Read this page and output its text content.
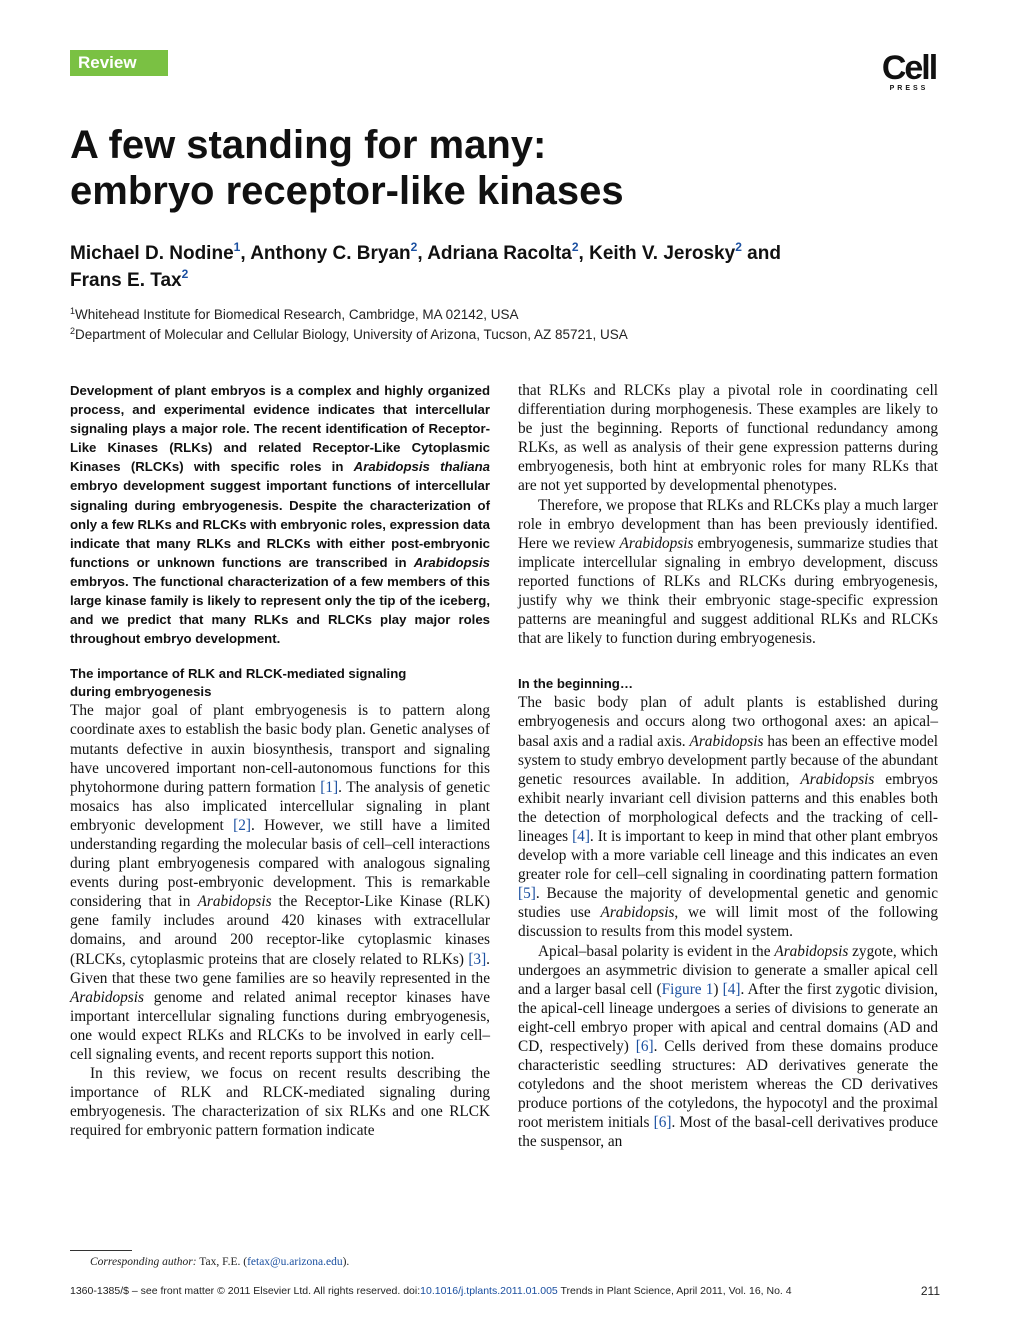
Review	Cell
PRESS
A few standing for many:
embryo receptor-like kinases
Michael D. Nodine$^1$, Anthony C. Bryan$^2$, Adriana Racolta$^2$, Keith V. Jerosky$^2$ and
Frans E. Tax$^2$
$^1$Whitehead Institute for Biomedical Research, Cambridge, MA 02142, USA
$^2$Department of Molecular and Cellular Biology, University of Arizona, Tucson, AZ 85721, USA

Development of plant embryos is a complex and highly organized process, and experimental evidence indicates that intercellular signaling plays a major role. The recent identification of Receptor-Like Kinases (RLKs) and related Receptor-Like Cytoplasmic Kinases (RLCKs) with specific roles in Arabidopsis thaliana embryo development suggest important functions of intercellular signaling during embryogenesis. Despite the characterization of only a few RLKs and RLCKs with embryonic roles, expression data indicate that many RLKs and RLCKs with either post-embryonic functions or unknown functions are transcribed in Arabidopsis embryos. The functional characterization of a few members of this large kinase family is likely to represent only the tip of the iceberg, and we predict that many RLKs and RLCKs play major roles throughout embryo development.

The importance of RLK and RLCK-mediated signaling
during embryogenesis

The major goal of plant embryogenesis is to pattern along coordinate axes to establish the basic body plan. Genetic analyses of mutants defective in auxin biosynthesis, transport and signaling have uncovered important non-cell-autonomous functions for this phytohormone during pattern formation [1]. The analysis of genetic mosaics has also implicated intercellular signaling in plant embryonic development [2]. However, we still have a limited understanding regarding the molecular basis of cell–cell interactions during plant embryogenesis compared with analogous signaling events during post-embryonic development. This is remarkable considering that in Arabidopsis the Receptor-Like Kinase (RLK) gene family includes around 420 kinases with extracellular domains, and around 200 receptor-like cytoplasmic kinases (RLCKs, cytoplasmic proteins that are closely related to RLKs) [3]. Given that these two gene families are so heavily represented in the Arabidopsis genome and related animal receptor kinases have important intercellular signaling functions during embryogenesis, one would expect RLKs and RLCKs to be involved in early cell–cell signaling events, and recent reports support this notion.

In this review, we focus on recent results describing the importance of RLK and RLCK-mediated signaling during embryogenesis. The characterization of six RLKs and one RLCK required for embryonic pattern formation indicate

that RLKs and RLCKs play a pivotal role in coordinating cell differentiation during morphogenesis. These examples are likely to be just the beginning. Reports of functional redundancy among RLKs, as well as analysis of their gene expression patterns during embryogenesis, both hint at embryonic roles for many RLKs that are not yet supported by developmental phenotypes.

Therefore, we propose that RLKs and RLCKs play a much larger role in embryo development than has been previously identified. Here we review Arabidopsis embryogenesis, summarize studies that implicate intercellular signaling in embryo development, discuss reported functions of RLKs and RLCKs during embryogenesis, justify why we think their embryonic stage-specific expression patterns are meaningful and suggest additional RLKs and RLCKs that are likely to function during embryogenesis.

In the beginning…

The basic body plan of adult plants is established during embryogenesis and occurs along two orthogonal axes: an apical–basal axis and a radial axis. Arabidopsis has been an effective model system to study embryo development partly because of the abundant genetic resources available. In addition, Arabidopsis embryos exhibit nearly invariant cell division patterns and this enables both the detection of morphological defects and the tracking of cell-lineages [4]. It is important to keep in mind that other plant embryos develop with a more variable cell lineage and this indicates an even greater role for cell–cell signaling in coordinating pattern formation [5]. Because the majority of developmental genetic and genomic studies use Arabidopsis, we will limit most of the following discussion to results from this model system.

Apical–basal polarity is evident in the Arabidopsis zygote, which undergoes an asymmetric division to generate a smaller apical cell and a larger basal cell (Figure 1) [4]. After the first zygotic division, the apical-cell lineage undergoes a series of divisions to generate an eight-cell embryo proper with apical and central domains (AD and CD, respectively) [6]. Cells derived from these domains produce characteristic seedling structures: AD derivatives generate the cotyledons and the shoot meristem whereas the CD derivatives produce portions of the cotyledons, the hypocotyl and the proximal root meristem initials [6]. Most of the basal-cell derivatives produce the suspensor, an

Corresponding author: Tax, F.E. (fetax@u.arizona.edu).
1360-1385/$ – see front matter © 2011 Elsevier Ltd. All rights reserved. doi:10.1016/j.tplants.2011.01.005 Trends in Plant Science, April 2011, Vol. 16, No. 4	211
